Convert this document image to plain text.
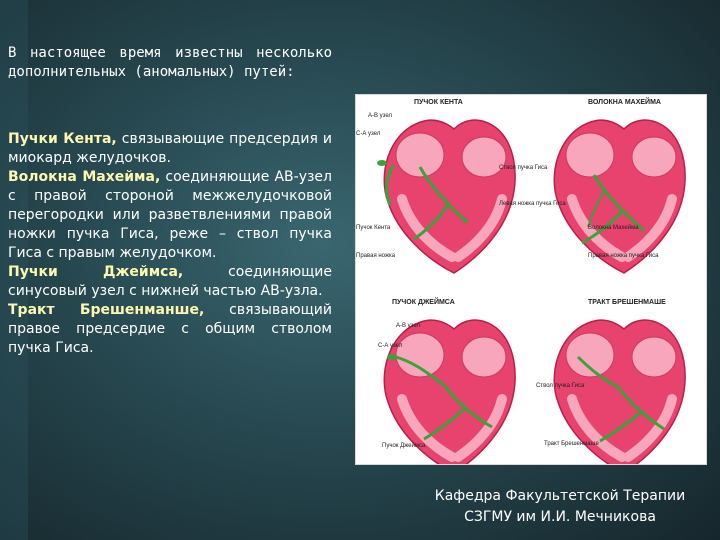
В настоящее время известны несколько дополнительных (аномальных) путей:

Пучки Кента, связывающие предсердия и миокард желудочков.
Волокна Махейма, соединяющие АВ-узел с правой стороной межжелудочковой перегородки или разветвлениями правой ножки пучка Гиса, реже – ствол пучка Гиса с правым желудочком.
Пучки Джеймса, соединяющие синусовый узел с нижней частью АВ-узла.
Тракт Брешенманше, связывающий правое предсердие с общим стволом пучка Гиса.
ПУЧОК КЕНТА
А-В узел
С-А узел
Пучок Кента
Правая ножка
ВОЛОКНА МАХЕЙМА
Ствол пучка Гиса
Левая ножка пучка Гиса
Волокна Махейма
Правая ножка пучка Гиса
ПУЧОК ДЖЕЙМСА
А-В узел
С-А узел
Пучок Джеймса
ТРАКТ БРЕШЕНМАШЕ
Ствол пучка Гиса
Тракт Брешенмаше
Кафедра Факультетской Терапии
СЗГМУ им И.И. Мечникова
